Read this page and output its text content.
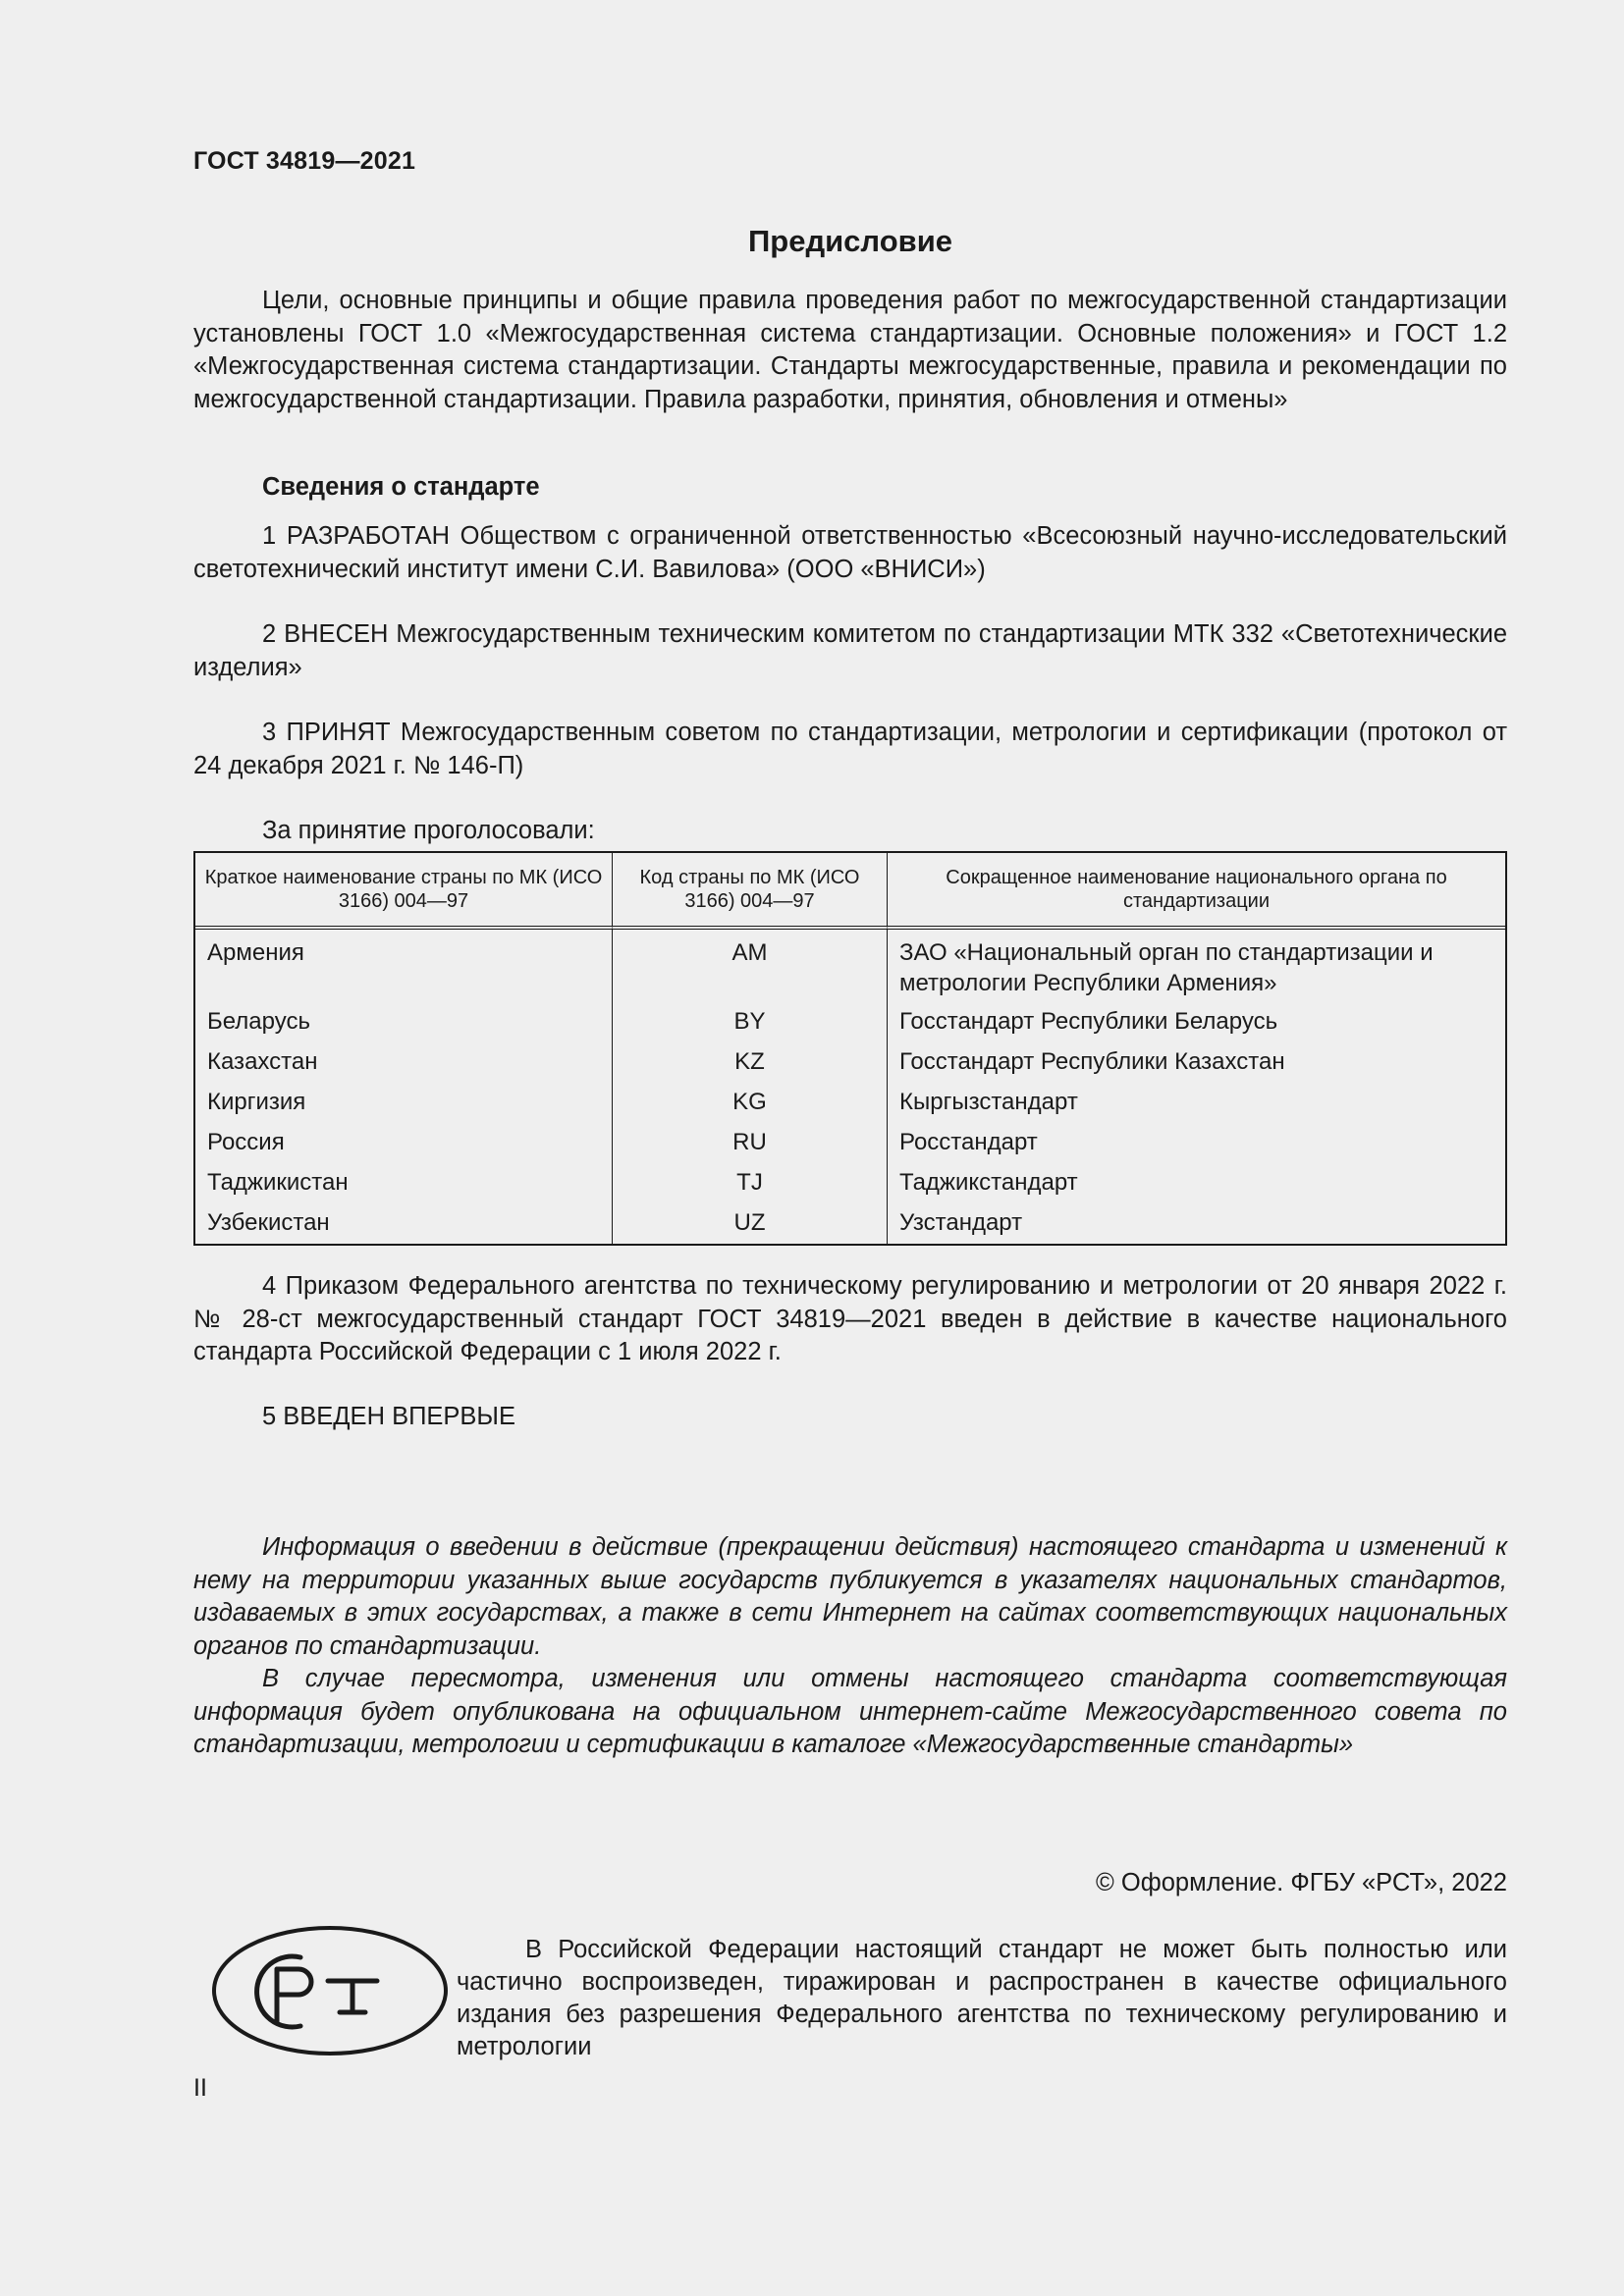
ГОСТ 34819—2021
Предисловие

Цели, основные принципы и общие правила проведения работ по межгосударственной стандартизации установлены ГОСТ 1.0 «Межгосударственная система стандартизации. Основные положения» и ГОСТ 1.2 «Межгосударственная система стандартизации. Стандарты межгосударственные, правила и рекомендации по межгосударственной стандартизации. Правила разработки, принятия, обновления и отмены»

Сведения о стандарте

1 РАЗРАБОТАН Обществом с ограниченной ответственностью «Всесоюзный научно-исследовательский светотехнический институт имени С.И. Вавилова» (ООО «ВНИСИ»)

2 ВНЕСЕН Межгосударственным техническим комитетом по стандартизации МТК 332 «Светотехнические изделия»

3 ПРИНЯТ Межгосударственным советом по стандартизации, метрологии и сертификации (протокол от 24 декабря 2021 г. № 146-П)

За принятие проголосовали:

Краткое наименование страны по МК (ИСО 3166) 004—97	Код страны по МК (ИСО 3166) 004—97	Сокращенное наименование национального органа по стандартизации
Армения	AM	ЗАО «Национальный орган по стандартизации и метрологии Республики Армения»
Беларусь	BY	Госстандарт Республики Беларусь
Казахстан	KZ	Госстандарт Республики Казахстан
Киргизия	KG	Кыргызстандарт
Россия	RU	Росстандарт
Таджикистан	TJ	Таджикстандарт
Узбекистан	UZ	Узстандарт

4 Приказом Федерального агентства по техническому регулированию и метрологии от 20 января 2022 г. № 28-ст межгосударственный стандарт ГОСТ 34819—2021 введен в действие в качестве национального стандарта Российской Федерации с 1 июля 2022 г.

5 ВВЕДЕН ВПЕРВЫЕ

Информация о введении в действие (прекращении действия) настоящего стандарта и изменений к нему на территории указанных выше государств публикуется в указателях национальных стандартов, издаваемых в этих государствах, а также в сети Интернет на сайтах соответствующих национальных органов по стандартизации.

В случае пересмотра, изменения или отмены настоящего стандарта соответствующая информация будет опубликована на официальном интернет-сайте Межгосударственного совета по стандартизации, метрологии и сертификации в каталоге «Межгосударственные стандарты»

© Оформление. ФГБУ «РСТ», 2022

В Российской Федерации настоящий стандарт не может быть полностью или частично воспроизведен, тиражирован и распространен в качестве официального издания без разрешения Федерального агентства по техническому регулированию и метрологии

II
